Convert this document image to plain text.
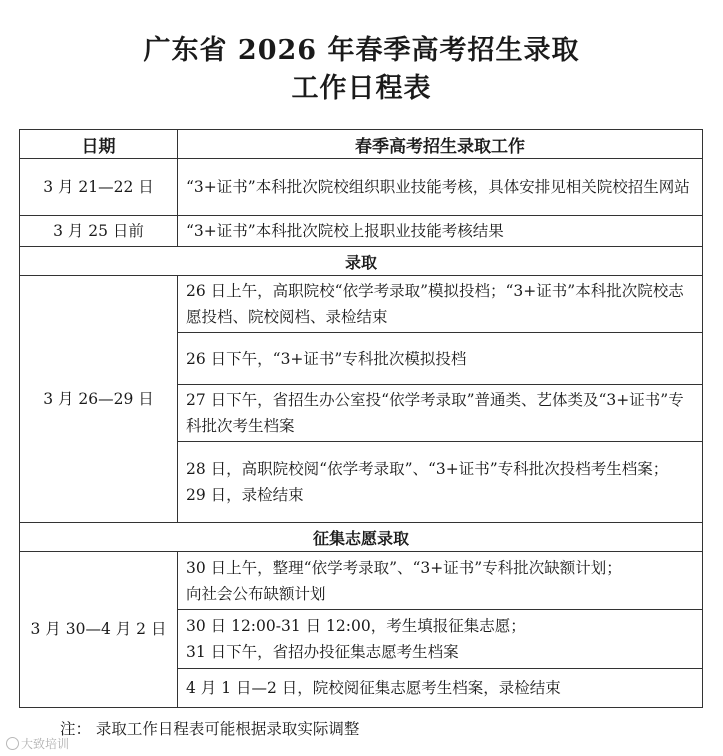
广东省 2026 年春季高考招生录取
工作日程表
日期	春季高考招生录取工作
3 月 21—22 日	“3+证书”本科批次院校组织职业技能考核，具体安排见相关院校招生网站
3 月 25 日前	“3+证书”本科批次院校上报职业技能考核结果
录取	
3 月 26—29 日	26 日上午，高职院校“依学考录取”模拟投档；“3+证书”本科批次院校志愿投档、院校阅档、录检结束

	26 日下午，“3+证书”专科批次模拟投档

	27 日下午，省招生办公室投“依学考录取”普通类、艺体类及“3+证书”专科批次考生档案

	28 日，高职院校阅“依学考录取”、“3+证书”专科批次投档考生档案；
29 日，录检结束

征集志愿录取	
3 月 30—4 月 2 日	30 日上午，整理“依学考录取”、“3+证书”专科批次缺额计划；
向社会公布缺额计划

	30 日 12:00-31 日 12:00，考生填报征集志愿；
31 日下午，省招办投征集志愿考生档案

	4 月 1 日—2 日，院校阅征集志愿考生档案，录检结束
注： 录取工作日程表可能根据录取实际调整
大致培训
